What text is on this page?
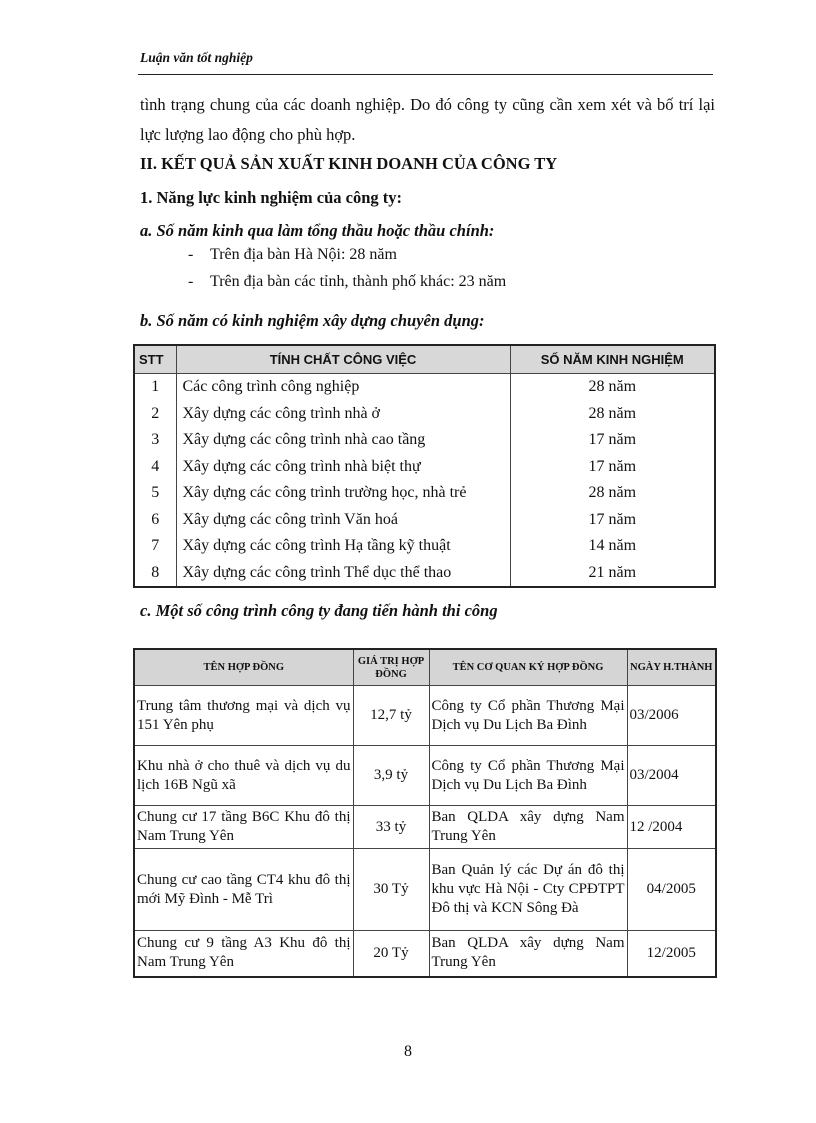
Luận văn tốt nghiệp
tình trạng chung của các doanh nghiệp. Do đó công ty cũng cần xem xét và bố trí lại lực lượng lao động cho phù hợp.
II. KẾT QUẢ SẢN XUẤT KINH DOANH CỦA CÔNG TY
1. Năng lực kinh nghiệm của công ty:
a. Số năm kinh qua làm tổng thầu hoặc thầu chính:
- Trên địa bàn Hà Nội: 28 năm
- Trên địa bàn các tỉnh, thành phố khác: 23 năm
b. Số năm có kinh nghiệm xây dựng chuyên dụng:
STT	TÍNH CHẤT CÔNG VIỆC	SỐ NĂM KINH NGHIỆM
1	Các công trình công nghiệp	28 năm
2	Xây dựng các công trình nhà ở	28 năm
3	Xây dựng các công trình nhà cao tầng	17 năm
4	Xây dựng các công trình nhà biệt thự	17 năm
5	Xây dựng các công trình trường học, nhà trẻ	28 năm
6	Xây dựng các công trình Văn hoá	17 năm
7	Xây dựng các công trình Hạ tầng kỹ thuật	14 năm
8	Xây dựng các công trình Thể dục thể thao	21 năm
c. Một số công trình công ty đang tiến hành thi công
TÊN HỢP ĐỒNG	GIÁ TRỊ HỢP ĐỒNG	TÊN CƠ QUAN KÝ HỢP ĐỒNG	NGÀY H.THÀNH
Trung tâm thương mại và dịch vụ 151 Yên phụ	12,7 tỷ	Công ty Cổ phần Thương Mại Dịch vụ Du Lịch Ba Đình	03/2006
Khu nhà ở cho thuê và dịch vụ du lịch 16B Ngũ xã	3,9 tỷ	Công ty Cổ phần Thương Mại Dịch vụ Du Lịch Ba Đình	03/2004
Chung cư 17 tầng B6C Khu đô thị Nam Trung Yên	33 tỷ	Ban QLDA xây dựng Nam Trung Yên	12 /2004
Chung cư cao tầng CT4 khu đô thị mới Mỹ Đình - Mễ Trì	30 Tỷ	Ban Quản lý các Dự án đô thị khu vực Hà Nội - Cty CPĐTPT Đô thị và KCN Sông Đà	04/2005
Chung cư 9 tầng A3 Khu đô thị Nam Trung Yên	20 Tỷ	Ban QLDA xây dựng Nam Trung Yên	12/2005
8
